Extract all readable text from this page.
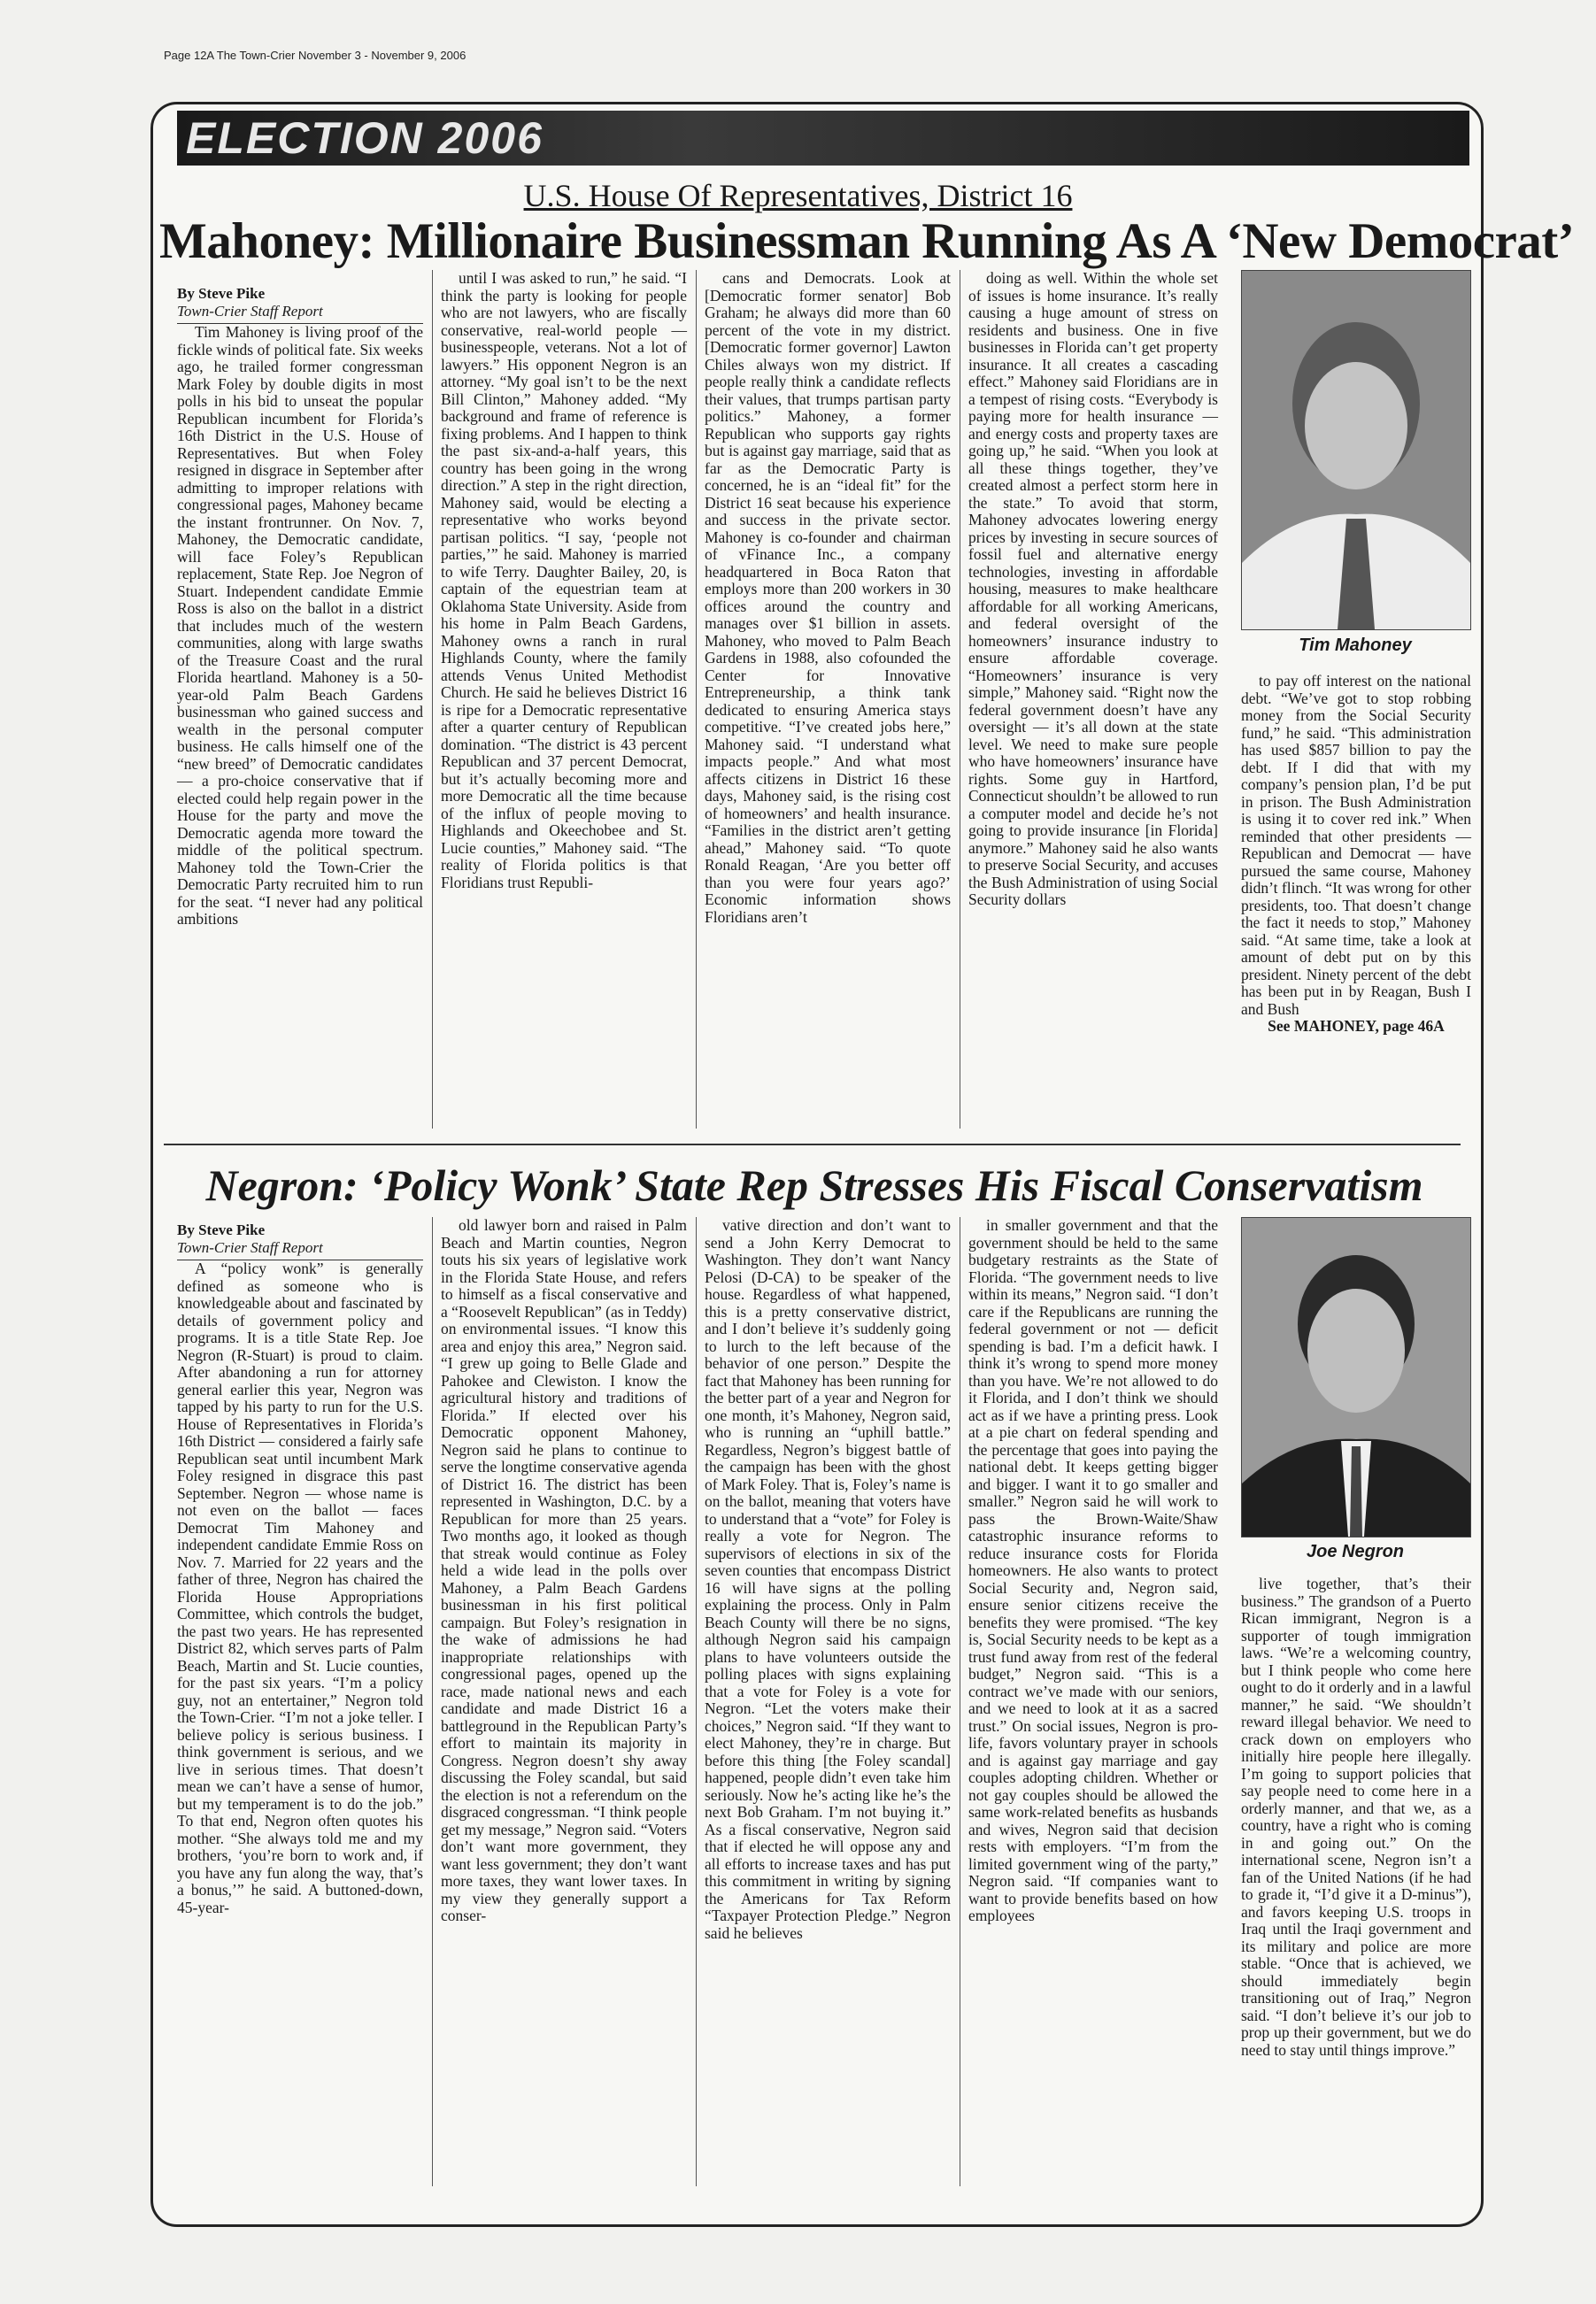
Page 12A The Town-Crier November 3 - November 9, 2006
ELECTION 2006
U.S. House Of Representatives, District 16
Mahoney: Millionaire Businessman Running As A ‘New Democrat’

By Steve Pike

Town-Crier Staff Report

Tim Mahoney is living proof of the fickle winds of political fate. Six weeks ago, he trailed former congressman Mark Foley by double digits in most polls in his bid to unseat the popular Republican incumbent for Florida’s 16th District in the U.S. House of Representatives. But when Foley resigned in disgrace in September after admitting to improper relations with congressional pages, Mahoney became the instant frontrunner. On Nov. 7, Mahoney, the Democratic candidate, will face Foley’s Republican replacement, State Rep. Joe Negron of Stuart. Independent candidate Emmie Ross is also on the ballot in a district that includes much of the western communities, along with large swaths of the Treasure Coast and the rural Florida heartland. Mahoney is a 50-year-old Palm Beach Gardens businessman who gained success and wealth in the personal computer business. He calls himself one of the “new breed” of Democratic candidates — a pro-choice conservative that if elected could help regain power in the House for the party and move the Democratic agenda more toward the middle of the political spectrum. Mahoney told the Town-Crier the Democratic Party recruited him to run for the seat. “I never had any political ambitions

until I was asked to run,” he said. “I think the party is looking for people who are not lawyers, who are fiscally conservative, real-world people — businesspeople, veterans. Not a lot of lawyers.” His opponent Negron is an attorney. “My goal isn’t to be the next Bill Clinton,” Mahoney added. “My background and frame of reference is fixing problems. And I happen to think the past six-and-a-half years, this country has been going in the wrong direction.” A step in the right direction, Mahoney said, would be electing a representative who works beyond partisan politics. “I say, ‘people not parties,’” he said. Mahoney is married to wife Terry. Daughter Bailey, 20, is captain of the equestrian team at Oklahoma State University. Aside from his home in Palm Beach Gardens, Mahoney owns a ranch in rural Highlands County, where the family attends Venus United Methodist Church. He said he believes District 16 is ripe for a Democratic representative after a quarter century of Republican domination. “The district is 43 percent Republican and 37 percent Democrat, but it’s actually becoming more and more Democratic all the time because of the influx of people moving to Highlands and Okeechobee and St. Lucie counties,” Mahoney said. “The reality of Florida politics is that Floridians trust Republi-

cans and Democrats. Look at [Democratic former senator] Bob Graham; he always did more than 60 percent of the vote in my district. [Democratic former governor] Lawton Chiles always won my district. If people really think a candidate reflects their values, that trumps partisan party politics.” Mahoney, a former Republican who supports gay rights but is against gay marriage, said that as far as the Democratic Party is concerned, he is an “ideal fit” for the District 16 seat because his experience and success in the private sector. Mahoney is co-founder and chairman of vFinance Inc., a company headquartered in Boca Raton that employs more than 200 workers in 30 offices around the country and manages over $1 billion in assets. Mahoney, who moved to Palm Beach Gardens in 1988, also cofounded the Center for Innovative Entrepreneurship, a think tank dedicated to ensuring America stays competitive. “I’ve created jobs here,” Mahoney said. “I understand what impacts people.” And what most affects citizens in District 16 these days, Mahoney said, is the rising cost of homeowners’ and health insurance. “Families in the district aren’t getting ahead,” Mahoney said. “To quote Ronald Reagan, ‘Are you better off than you were four years ago?’ Economic information shows Floridians aren’t

doing as well. Within the whole set of issues is home insurance. It’s really causing a huge amount of stress on residents and business. One in five businesses in Florida can’t get property insurance. It all creates a cascading effect.” Mahoney said Floridians are in a tempest of rising costs. “Everybody is paying more for health insurance — and energy costs and property taxes are going up,” he said. “When you look at all these things together, they’ve created almost a perfect storm here in the state.” To avoid that storm, Mahoney advocates lowering energy prices by investing in secure sources of fossil fuel and alternative energy technologies, investing in affordable housing, measures to make healthcare affordable for all working Americans, and federal oversight of the homeowners’ insurance industry to ensure affordable coverage. “Homeowners’ insurance is very simple,” Mahoney said. “Right now the federal government doesn’t have any oversight — it’s all down at the state level. We need to make sure people who have homeowners’ insurance have rights. Some guy in Hartford, Connecticut shouldn’t be allowed to run a computer model and decide he’s not going to provide insurance [in Florida] anymore.” Mahoney said he also wants to preserve Social Security, and accuses the Bush Administration of using Social Security dollars

Tim Mahoney

to pay off interest on the national debt. “We’ve got to stop robbing money from the Social Security fund,” he said. “This administration has used $857 billion to pay the debt. If I did that with my company’s pension plan, I’d be put in prison. The Bush Administration is using it to cover red ink.” When reminded that other presidents — Republican and Democrat — have pursued the same course, Mahoney didn’t flinch. “It was wrong for other presidents, too. That doesn’t change the fact it needs to stop,” Mahoney said. “At same time, take a look at amount of debt put on by this president. Ninety percent of the debt has been put in by Reagan, Bush I and Bush

See MAHONEY, page 46A

Negron: ‘Policy Wonk’ State Rep Stresses His Fiscal Conservatism

By Steve Pike

Town-Crier Staff Report

A “policy wonk” is generally defined as someone who is knowledgeable about and fascinated by details of government policy and programs. It is a title State Rep. Joe Negron (R-Stuart) is proud to claim. After abandoning a run for attorney general earlier this year, Negron was tapped by his party to run for the U.S. House of Representatives in Florida’s 16th District — considered a fairly safe Republican seat until incumbent Mark Foley resigned in disgrace this past September. Negron — whose name is not even on the ballot — faces Democrat Tim Mahoney and independent candidate Emmie Ross on Nov. 7. Married for 22 years and the father of three, Negron has chaired the Florida House Appropriations Committee, which controls the budget, the past two years. He has represented District 82, which serves parts of Palm Beach, Martin and St. Lucie counties, for the past six years. “I’m a policy guy, not an entertainer,” Negron told the Town-Crier. “I’m not a joke teller. I believe policy is serious business. I think government is serious, and we live in serious times. That doesn’t mean we can’t have a sense of humor, but my temperament is to do the job.” To that end, Negron often quotes his mother. “She always told me and my brothers, ‘you’re born to work and, if you have any fun along the way, that’s a bonus,’” he said. A buttoned-down, 45-year-

old lawyer born and raised in Palm Beach and Martin counties, Negron touts his six years of legislative work in the Florida State House, and refers to himself as a fiscal conservative and a “Roosevelt Republican” (as in Teddy) on environmental issues. “I know this area and enjoy this area,” Negron said. “I grew up going to Belle Glade and Pahokee and Clewiston. I know the agricultural history and traditions of Florida.” If elected over his Democratic opponent Mahoney, Negron said he plans to continue to serve the longtime conservative agenda of District 16. The district has been represented in Washington, D.C. by a Republican for more than 25 years. Two months ago, it looked as though that streak would continue as Foley held a wide lead in the polls over Mahoney, a Palm Beach Gardens businessman in his first political campaign. But Foley’s resignation in the wake of admissions he had inappropriate relationships with congressional pages, opened up the race, made national news and each candidate and made District 16 a battleground in the Republican Party’s effort to maintain its majority in Congress. Negron doesn’t shy away discussing the Foley scandal, but said the election is not a referendum on the disgraced congressman. “I think people get my message,” Negron said. “Voters don’t want more government, they want less government; they don’t want more taxes, they want lower taxes. In my view they generally support a conser-

vative direction and don’t want to send a John Kerry Democrat to Washington. They don’t want Nancy Pelosi (D-CA) to be speaker of the house. Regardless of what happened, this is a pretty conservative district, and I don’t believe it’s suddenly going to lurch to the left because of the behavior of one person.” Despite the fact that Mahoney has been running for the better part of a year and Negron for one month, it’s Mahoney, Negron said, who is running an “uphill battle.” Regardless, Negron’s biggest battle of the campaign has been with the ghost of Mark Foley. That is, Foley’s name is on the ballot, meaning that voters have to understand that a “vote” for Foley is really a vote for Negron. The supervisors of elections in six of the seven counties that encompass District 16 will have signs at the polling explaining the process. Only in Palm Beach County will there be no signs, although Negron said his campaign plans to have volunteers outside the polling places with signs explaining that a vote for Foley is a vote for Negron. “Let the voters make their choices,” Negron said. “If they want to elect Mahoney, they’re in charge. But before this thing [the Foley scandal] happened, people didn’t even take him seriously. Now he’s acting like he’s the next Bob Graham. I’m not buying it.” As a fiscal conservative, Negron said that if elected he will oppose any and all efforts to increase taxes and has put this commitment in writing by signing the Americans for Tax Reform “Taxpayer Protection Pledge.” Negron said he believes

in smaller government and that the government should be held to the same budgetary restraints as the State of Florida. “The government needs to live within its means,” Negron said. “I don’t care if the Republicans are running the federal government or not — deficit spending is bad. I’m a deficit hawk. I think it’s wrong to spend more money than you have. We’re not allowed to do it Florida, and I don’t think we should act as if we have a printing press. Look at a pie chart on federal spending and the percentage that goes into paying the national debt. It keeps getting bigger and bigger. I want it to go smaller and smaller.” Negron said he will work to pass the Brown-Waite/Shaw catastrophic insurance reforms to reduce insurance costs for Florida homeowners. He also wants to protect Social Security and, Negron said, ensure senior citizens receive the benefits they were promised. “The key is, Social Security needs to be kept as a trust fund away from rest of the federal budget,” Negron said. “This is a contract we’ve made with our seniors, and we need to look at it as a sacred trust.” On social issues, Negron is pro-life, favors voluntary prayer in schools and is against gay marriage and gay couples adopting children. Whether or not gay couples should be allowed the same work-related benefits as husbands and wives, Negron said that decision rests with employers. “I’m from the limited government wing of the party,” Negron said. “If companies want to want to provide benefits based on how employees

Joe Negron

live together, that’s their business.” The grandson of a Puerto Rican immigrant, Negron is a supporter of tough immigration laws. “We’re a welcoming country, but I think people who come here ought to do it orderly and in a lawful manner,” he said. “We shouldn’t reward illegal behavior. We need to crack down on employers who initially hire people here illegally. I’m going to support policies that say people need to come here in a orderly manner, and that we, as a country, have a right who is coming in and going out.” On the international scene, Negron isn’t a fan of the United Nations (if he had to grade it, “I’d give it a D-minus”), and favors keeping U.S. troops in Iraq until the Iraqi government and its military and police are more stable. “Once that is achieved, we should immediately begin transitioning out of Iraq,” Negron said. “I don’t believe it’s our job to prop up their government, but we do need to stay until things improve.”
